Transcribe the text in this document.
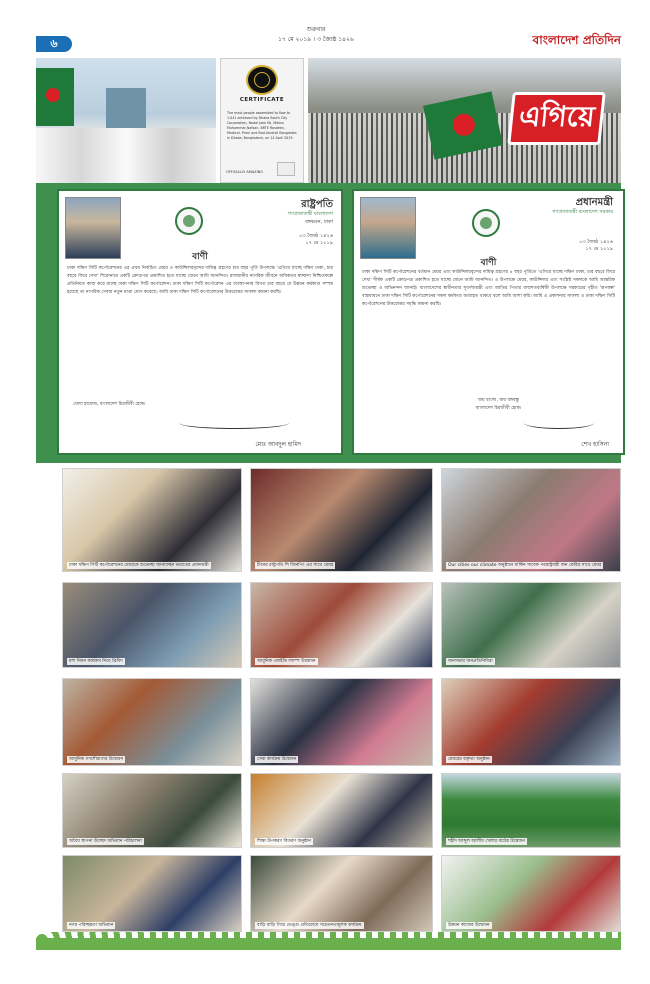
৬
শুক্রবার
১৭ মে ২০১৯ । ৩ জ্যৈষ্ঠ ১৪২৬	বাংলাদেশ প্রতিদিন
CERTIFICATE
The most people assembled to flow to 1,041 achieved by Dhaka South City Corporation, Nadal Jalai Sti, Mokus Muhammar,Nafsan, BRTE Rosdeen, Medical, Prani and Bad-Vantrail Banglades in Dhaka, Bangladesh, on 14 April 2019.
OFFICIALLY AMAZING
এগিয়ে
রাষ্ট্রপতি
গণপ্রজাতন্ত্রী বাংলাদেশ
বঙ্গভবন, ঢাকা
০৩ জ্যৈষ্ঠ ১৪২৬
১৭ মে ২০১৯
বাণী
ঢাকা দক্ষিণ সিটি কর্পোরেশনের এর প্রথম নির্বাচিত মেয়র ও কাউন্সিলরবৃন্দের দায়িত্ব গ্রহণের চার বছর পূর্তি উপলক্ষে 'এগিয়ে যাচ্ছে দক্ষিণ ঢাকা, চার বছরে ফিরে দেখা' শিরোনামে একটি ক্রোড়পত্র প্রকাশিত হতে যাচ্ছে জেনে আমি আনন্দিত। রাজধানীর নাগরিক জীবনে অধিকতর স্বাচ্ছন্দ্য নিশ্চিতকল্পে প্রতিনিয়ত কাজ করে যাচ্ছে ঢাকা দক্ষিণ সিটি কর্পোরেশন। ঢাকা দক্ষিণ সিটি কর্পোরেশন এর ব্যবস্থাপনায় বিগত চার বছরে যে উন্নয়ন কর্মকাণ্ড সম্পন্ন হয়েছে তা নাগরিক সেবায় নতুন মাত্রা যোগ করেছে। আমি ঢাকা দক্ষিণ সিটি কর্পোরেশনের উত্তরোত্তর সাফল্য কামনা করছি।
খোদা হাফেজ, বাংলাদেশ চিরজীবী হোক।
মোঃ আবদুল হামিদ
প্রধানমন্ত্রী
গণপ্রজাতন্ত্রী বাংলাদেশ সরকার
০৩ জ্যৈষ্ঠ ১৪২৬
১৭ মে ২০১৯
বাণী
ঢাকা দক্ষিণ সিটি কর্পোরেশনের বর্তমান মেয়র এবং কাউন্সিলরবৃন্দের দায়িত্ব গ্রহণের ৪ বছর পূর্তিতে 'এগিয়ে যাচ্ছে দক্ষিণ ঢাকা, চার বছরে ফিরে দেখা' শীর্ষক একটি ক্রোড়পত্র প্রকাশিত হতে যাচ্ছে জেনে আমি আনন্দিত। এ উপলক্ষে মেয়র, কাউন্সিলর এবং সংশ্লিষ্ট সকলকে আমি আন্তরিক শুভেচ্ছা ও অভিনন্দন জানাই। বাংলাদেশের স্বাধীনতার সুবর্ণজয়ন্তী এবং জাতির পিতার জন্মশতবার্ষিকী উপলক্ষে সরকারের গৃহীত 'রূপকল্প' বাস্তবায়নে ঢাকা দক্ষিণ সিটি কর্পোরেশনের সকল কর্মকাণ্ড অব্যাহত থাকবে বলে আমি আশা করি। আমি এ প্রকাশনার সাফল্য ও ঢাকা দক্ষিণ সিটি কর্পোরেশনের উত্তরোত্তর সমৃদ্ধি কামনা করছি।
জয় বাংলা, জয় বঙ্গবন্ধু
বাংলাদেশ চিরজীবী হোক।
শেখ হাসিনা
ঢাকা দক্ষিণ সিটি কর্পোরেশনের মেয়রকে শুভেচ্ছা জানাচ্ছেন ভারতের প্রধানমন্ত্রী	চীনের রাষ্ট্রপতি শি জিনপিং এর সাথে মেয়র	Our cities our climate অনুষ্ঠানে মার্কিন সাবেক পররাষ্ট্রমন্ত্রী জন কেরির সাথে মেয়র
মশা নিধন কার্যক্রম নিয়ে ব্রিফিং	আধুনিক এলইডি ল্যাম্প উদ্বোধন	জনসভায় জনপ্রতিনিধিরা
আধুনিক গণশৌচাগার উদ্বোধন	সেবা কার্যক্রম উদ্বোধন	মেয়রের বক্তৃতা অনুষ্ঠান
অবৈধ স্থাপনা উচ্ছেদ অভিযান পরিচালনা	শিক্ষা উপকরণ বিতরণ অনুষ্ঠান	শহীদ আব্দুল আলীম খেলার মাঠের উদ্বোধন
নগর পরিচ্ছন্নতা অভিযান	বাড়ি বাড়ি গিয়ে ডেঙ্গু প্রতিরোধে সচেতনতামূলক কার্যক্রম	উন্নয়ন কাজের উদ্বোধন
